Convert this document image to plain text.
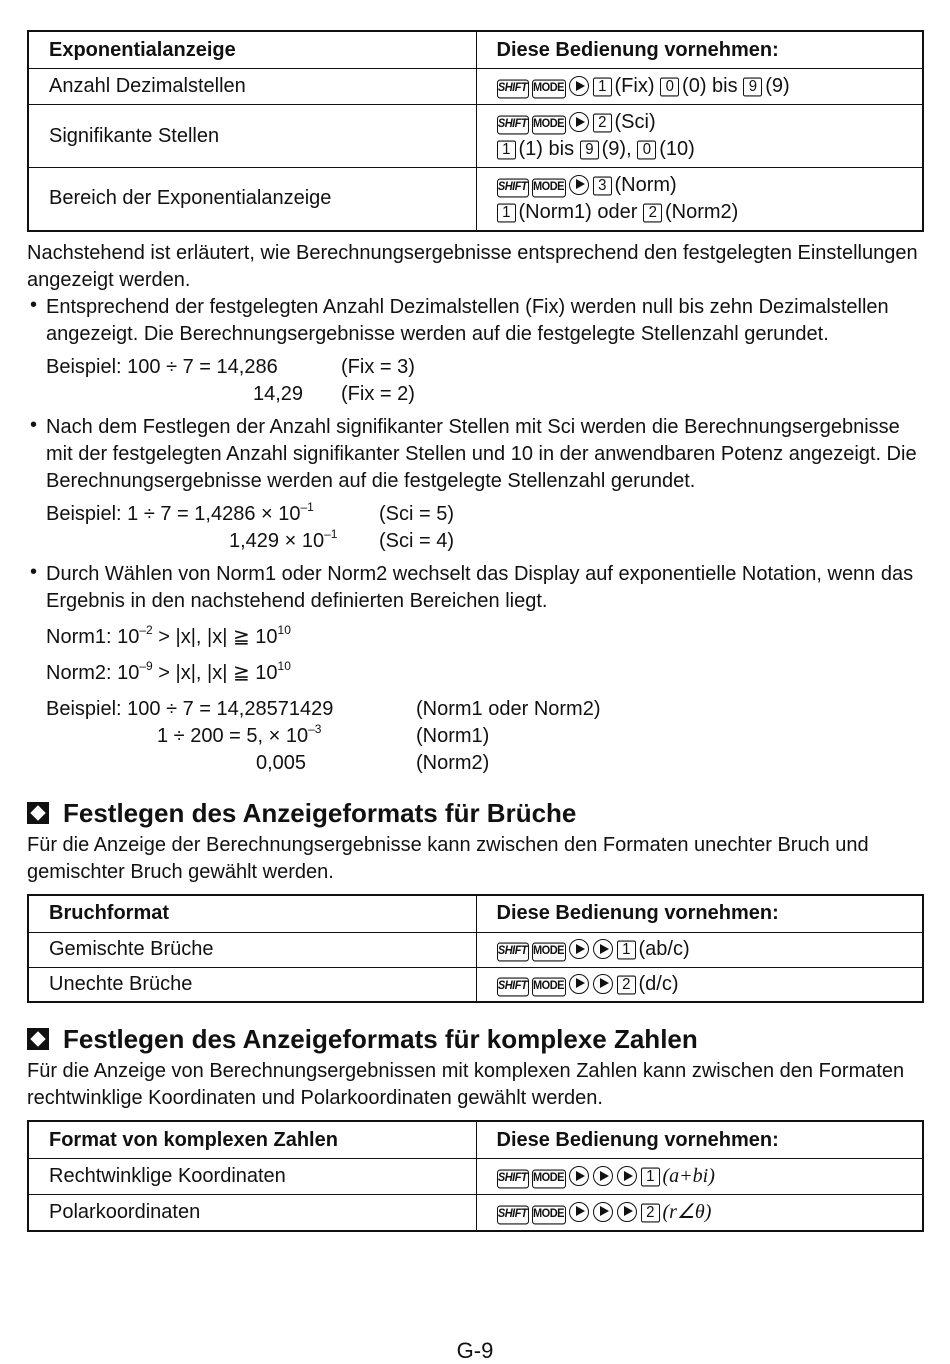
Exponentialanzeige	Diese Bedienung vornehmen:
Anzahl Dezimalstellen	SHIFT MODE 1 (Fix) 0 (0) bis 9 (9)
Signifikante Stellen	SHIFT MODE 2 (Sci)
1 (1) bis 9 (9), 0 (10)

Bereich der Exponentialanzeige	SHIFT MODE 3 (Norm)
1 (Norm1) oder 2 (Norm2)

Nachstehend ist erläutert, wie Berechnungsergebnisse entsprechend den festgelegten Einstellungen angezeigt werden.

• Entsprechend der festgelegten Anzahl Dezimalstellen (Fix) werden null bis zehn Dezimalstellen angezeigt. Die Berechnungsergebnisse werden auf die festgelegte Stellenzahl gerundet.

Beispiel: 100 ÷ 7 = 14,286	(Fix = 3)
14,29 (Fix = 2)
• Nach dem Festlegen der Anzahl signifikanter Stellen mit Sci werden die Berechnungsergebnisse mit der festgelegten Anzahl signifikanter Stellen und 10 in der anwendbaren Potenz angezeigt. Die Berechnungsergebnisse werden auf die festgelegte Stellenzahl gerundet.

Beispiel: $1 \div 7 = 1,4286 \times 10^{-1}$	(Sci = 5)
$1,429 \times 10^{-1}$ (Sci = 4)
• Durch Wählen von Norm1 oder Norm2 wechselt das Display auf exponentielle Notation, wenn das Ergebnis in den nachstehend definierten Bereichen liegt.

Norm1: $10^{-2} > |x|$, |x| ≧ $10^{10}$
Norm2: $10^{-9} > |x|$, |x| ≧ $10^{10}$
Beispiel: 100 ÷ 7 = 14,28571429	(Norm1 oder Norm2)
1 ÷ 200 = 5, × $10^{-3}$	(Norm1)
0,005	(Norm2)
Festlegen des Anzeigeformats für Brüche

Für die Anzeige der Berechnungsergebnisse kann zwischen den Formaten unechter Bruch und gemischter Bruch gewählt werden.

Bruchformat	Diese Bedienung vornehmen:
Gemischte Brüche	SHIFT MODE 1 (ab/c)
Unechte Brüche	SHIFT MODE 2 (d/c)
Festlegen des Anzeigeformats für komplexe Zahlen

Für die Anzeige von Berechnungsergebnissen mit komplexen Zahlen kann zwischen den Formaten rechtwinklige Koordinaten und Polarkoordinaten gewählt werden.

Format von komplexen Zahlen	Diese Bedienung vornehmen:
Rechtwinklige Koordinaten	SHIFT MODE 1 (a+bi)
Polarkoordinaten	SHIFT MODE 2 (r∠θ)
G-9
